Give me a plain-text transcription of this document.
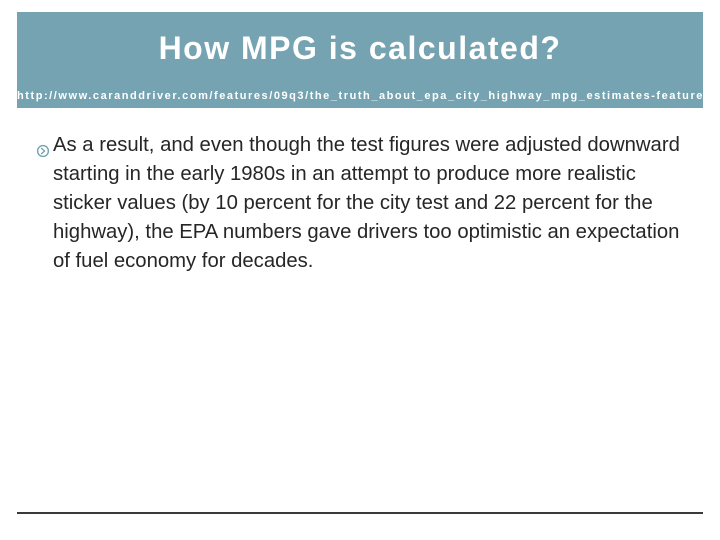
How MPG is calculated?
http://www.caranddriver.com/features/09q3/the_truth_about_epa_city_highway_mpg_estimates-feature

As a result, and even though the test figures were adjusted downward starting in the early 1980s in an attempt to produce more realistic sticker values (by 10 percent for the city test and 22 percent for the highway), the EPA numbers gave drivers too optimistic an expectation of fuel economy for decades.
